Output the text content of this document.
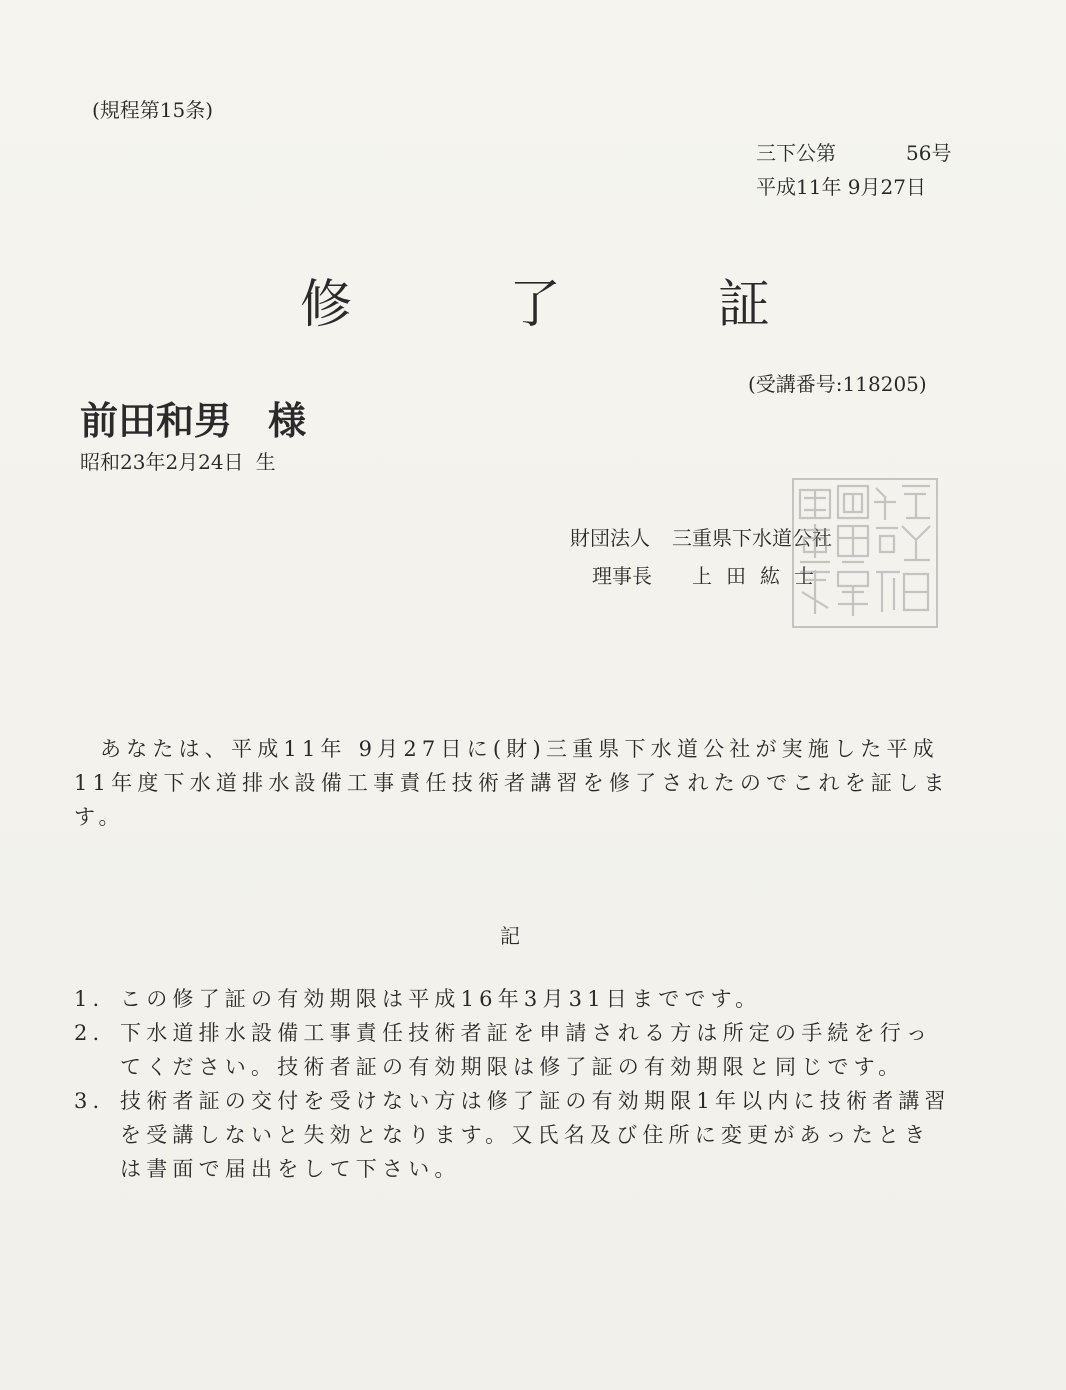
(規程第15条)
三下公第	56号
平成11年 9月27日
修	了	証
(受講番号:118205)
前田和男 様
昭和23年2月24日 生
財団法人 三重県下水道公社
理事長 上田紘士
あなたは、平成11年 9月27日に(財)三重県下水道公社が実施した平成11年度下水道排水設備工事責任技術者講習を修了されたのでこれを証します。
記
1. この修了証の有効期限は平成16年3月31日までです。
2. 下水道排水設備工事責任技術者証を申請される方は所定の手続を行ってください。技術者証の有効期限は修了証の有効期限と同じです。
3. 技術者証の交付を受けない方は修了証の有効期限1年以内に技術者講習を受講しないと失効となります。又氏名及び住所に変更があったときは書面で届出をして下さい。
